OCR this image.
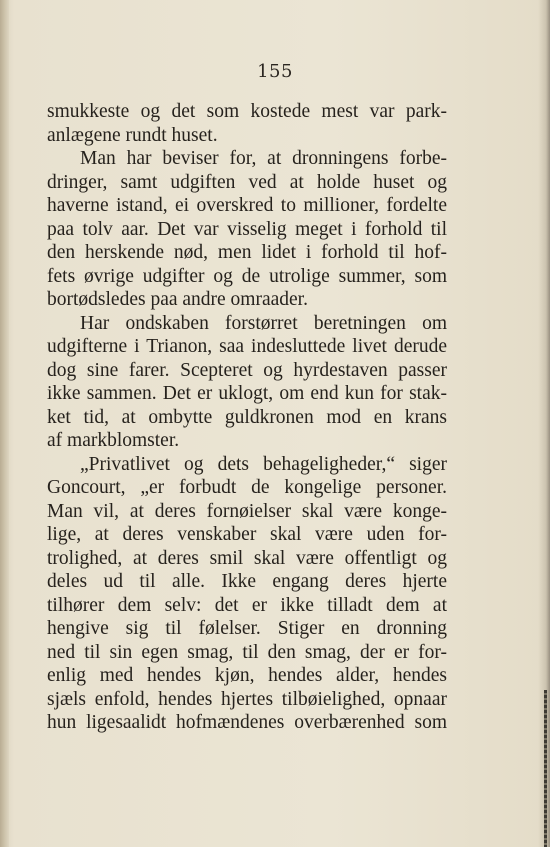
155
smukkeste og det som kostede mest var park-
anlægene rundt huset.
Man har beviser for, at dronningens forbe-
dringer, samt udgiften ved at holde huset og
haverne istand, ei overskred to millioner, fordelte
paa tolv aar. Det var visselig meget i forhold til
den herskende nød, men lidet i forhold til hof-
fets øvrige udgifter og de utrolige summer, som
bortødsledes paa andre omraader.
Har ondskaben forstørret beretningen om
udgifterne i Trianon, saa indesluttede livet derude
dog sine farer. Scepteret og hyrdestaven passer
ikke sammen. Det er uklogt, om end kun for stak-
ket tid, at ombytte guldkronen mod en krans
af markblomster.
„Privatlivet og dets behageligheder,“ siger
Goncourt, „er forbudt de kongelige personer.
Man vil, at deres fornøielser skal være konge-
lige, at deres venskaber skal være uden for-
trolighed, at deres smil skal være offentligt og
deles ud til alle. Ikke engang deres hjerte
tilhører dem selv: det er ikke tilladt dem at
hengive sig til følelser. Stiger en dronning
ned til sin egen smag, til den smag, der er for-
enlig med hendes kjøn, hendes alder, hendes
sjæls enfold, hendes hjertes tilbøielighed, opnaar
hun ligesaalidt hofmændenes overbærenhed som
